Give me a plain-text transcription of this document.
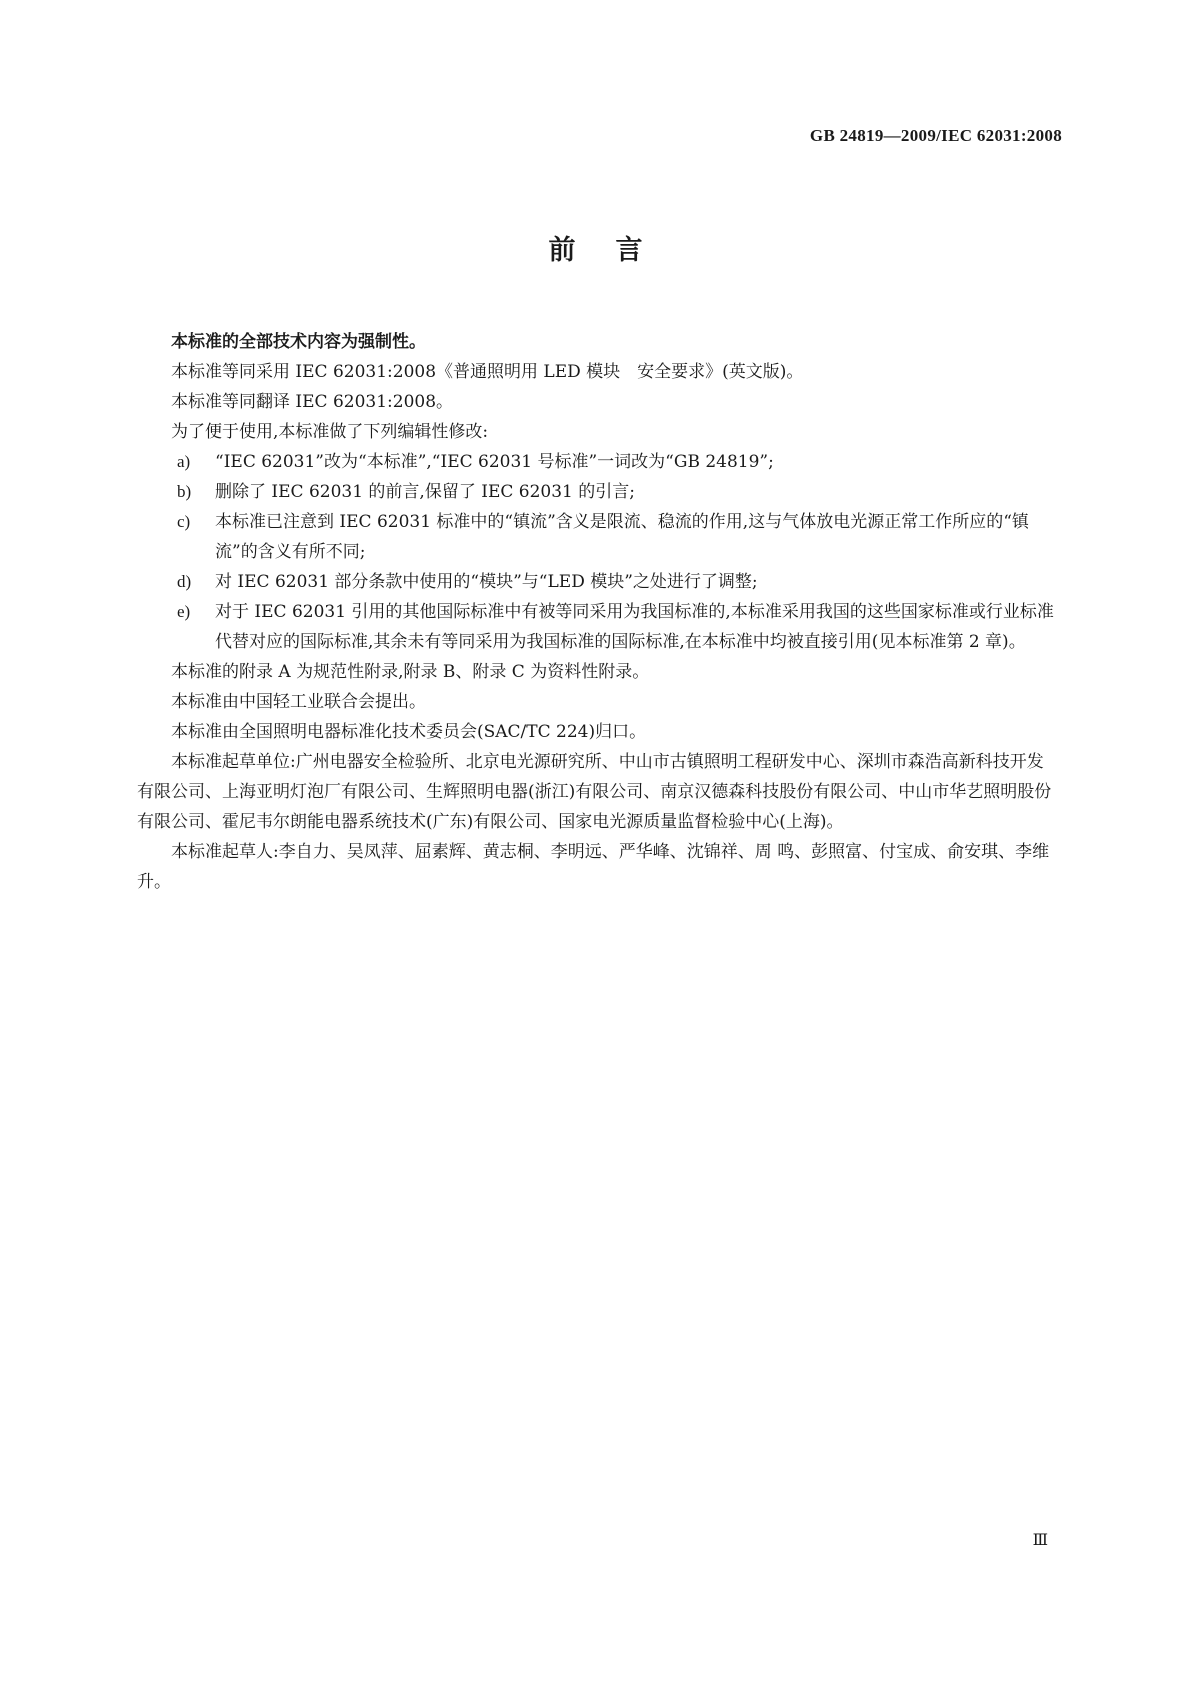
GB 24819—2009/IEC 62031:2008
前言

本标准的全部技术内容为强制性。

本标准等同采用 IEC 62031:2008《普通照明用 LED 模块　安全要求》(英文版)。

本标准等同翻译 IEC 62031:2008。

为了便于使用,本标准做了下列编辑性修改:

a)	“IEC 62031”改为“本标准”,“IEC 62031 号标准”一词改为“GB 24819”;
b)	删除了 IEC 62031 的前言,保留了 IEC 62031 的引言;
c)	本标准已注意到 IEC 62031 标准中的“镇流”含义是限流、稳流的作用,这与气体放电光源正常工作所应的“镇流”的含义有所不同;
d)	对 IEC 62031 部分条款中使用的“模块”与“LED 模块”之处进行了调整;
e)	对于 IEC 62031 引用的其他国际标准中有被等同采用为我国标准的,本标准采用我国的这些国家标准或行业标准代替对应的国际标准,其余未有等同采用为我国标准的国际标准,在本标准中均被直接引用(见本标准第 2 章)。

本标准的附录 A 为规范性附录,附录 B、附录 C 为资料性附录。

本标准由中国轻工业联合会提出。

本标准由全国照明电器标准化技术委员会(SAC/TC 224)归口。

本标准起草单位:广州电器安全检验所、北京电光源研究所、中山市古镇照明工程研发中心、深圳市森浩高新科技开发有限公司、上海亚明灯泡厂有限公司、生辉照明电器(浙江)有限公司、南京汉德森科技股份有限公司、中山市华艺照明股份有限公司、霍尼韦尔朗能电器系统技术(广东)有限公司、国家电光源质量监督检验中心(上海)。

本标准起草人:李自力、吴凤萍、屈素辉、黄志桐、李明远、严华峰、沈锦祥、周 鸣、彭照富、付宝成、俞安琪、李维升。

Ⅲ
